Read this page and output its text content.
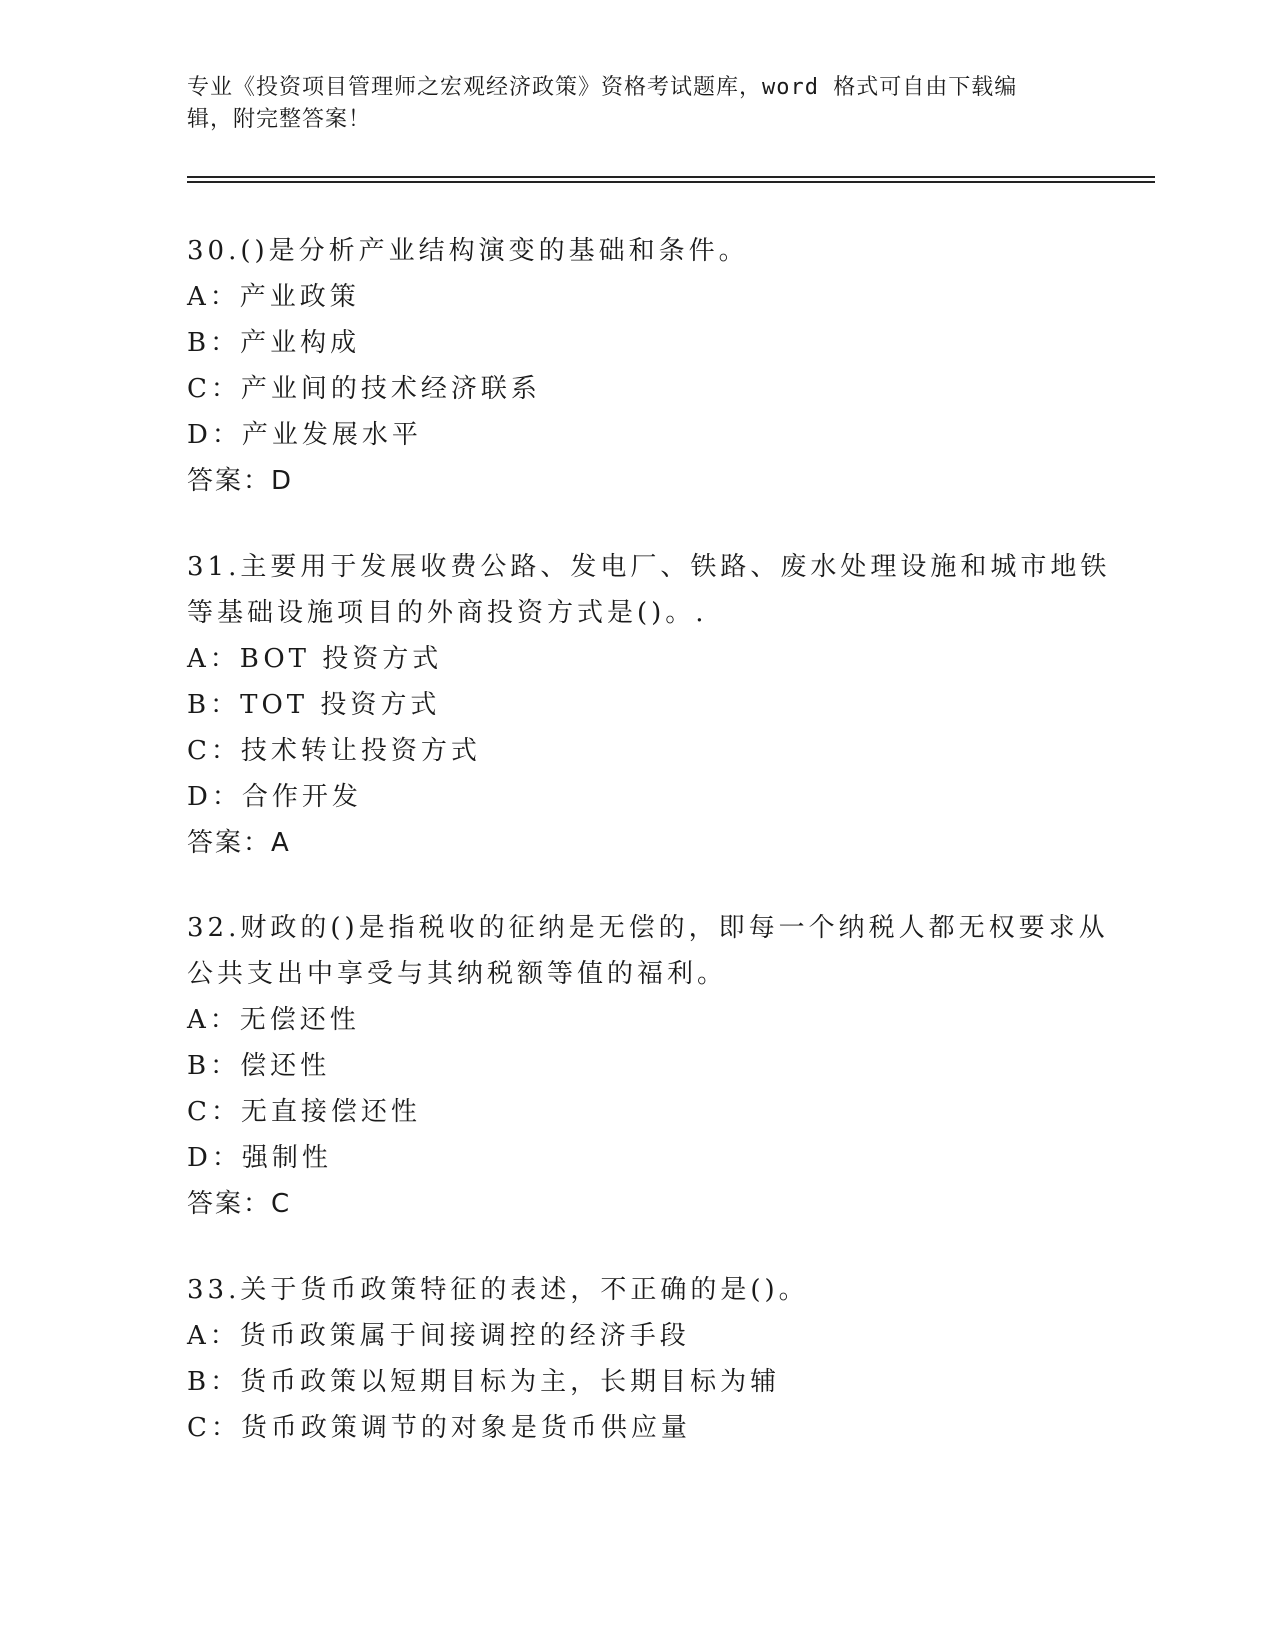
专业《投资项目管理师之宏观经济政策》资格考试题库，word 格式可自由下载编
辑，附完整答案！
30.()是分析产业结构演变的基础和条件。
A：产业政策
B：产业构成
C：产业间的技术经济联系
D：产业发展水平
答案：D
31.主要用于发展收费公路、发电厂、铁路、废水处理设施和城市地铁
等基础设施项目的外商投资方式是()。.
A：BOT 投资方式
B：TOT 投资方式
C：技术转让投资方式
D：合作开发
答案：A
32.财政的()是指税收的征纳是无偿的，即每一个纳税人都无权要求从
公共支出中享受与其纳税额等值的福利。
A：无偿还性
B：偿还性
C：无直接偿还性
D：强制性
答案：C
33.关于货币政策特征的表述，不正确的是()。
A：货币政策属于间接调控的经济手段
B：货币政策以短期目标为主，长期目标为辅
C：货币政策调节的对象是货币供应量
